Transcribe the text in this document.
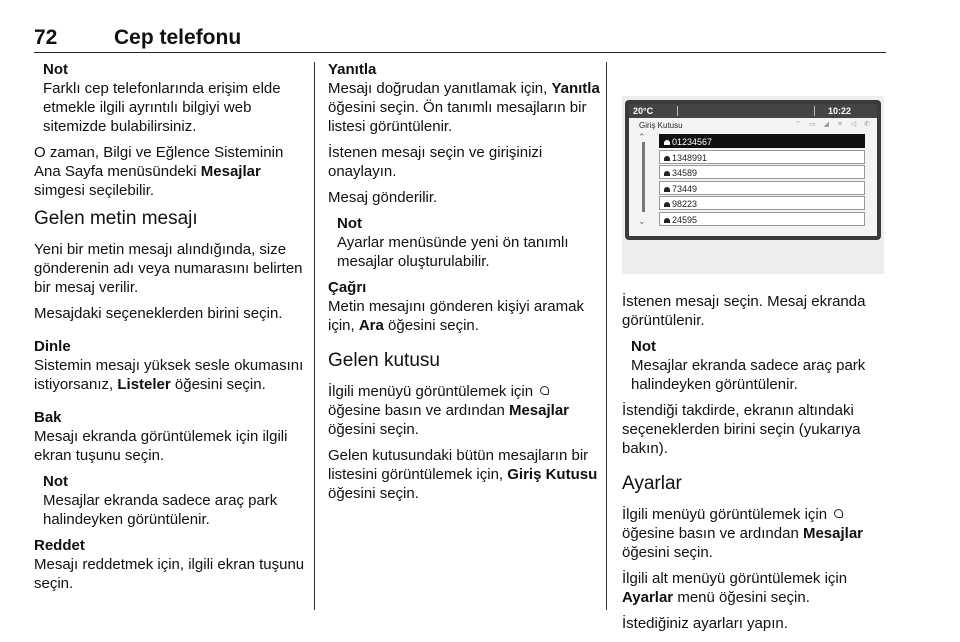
72	Cep telefonu
Not
Farklı cep telefonlarında erişim elde etmekle ilgili ayrıntılı bilgiyi web sitemizde bulabilirsiniz.

O zaman, Bilgi ve Eğlence Sisteminin Ana Sayfa menüsündeki Mesajlar simgesi seçilebilir.

Gelen metin mesajı

Yeni bir metin mesajı alındığında, size gönderenin adı veya numarasını belirten bir mesaj verilir.

Mesajdaki seçeneklerden birini seçin.

Dinle
Sistemin mesajı yüksek sesle okumasını istiyorsanız, Listeler öğesini seçin.

Bak
Mesajı ekranda görüntülemek için ilgili ekran tuşunu seçin.

Not
Mesajlar ekranda sadece araç park halindeyken görüntülenir.

Reddet
Mesajı reddetmek için, ilgili ekran tuşunu seçin.

Yanıtla
Mesajı doğrudan yanıtlamak için, Yanıtla öğesini seçin. Ön tanımlı mesajların bir listesi görüntülenir.

İstenen mesajı seçin ve girişinizi onaylayın.

Mesaj gönderilir.

Not
Ayarlar menüsünde yeni ön tanımlı mesajlar oluşturulabilir.

Çağrı
Metin mesajını gönderen kişiyi aramak için, Ara öğesini seçin.

Gelen kutusu

İlgili menüyü görüntülemek için  öğesine basın ve ardından Mesajlar öğesini seçin.

Gelen kutusundaki bütün mesajların bir listesini görüntülemek için, Giriş Kutusu öğesini seçin.

20°C	10:22
Giriş Kutusu	⌔ ▭ ◢ ✕ ◁ ✆
⌃
⌄
01234567
1348991
34589
73449
98223
24595

İstenen mesajı seçin. Mesaj ekranda görüntülenir.

Not
Mesajlar ekranda sadece araç park halindeyken görüntülenir.

İstendiği takdirde, ekranın altındaki seçeneklerden birini seçin (yukarıya bakın).

Ayarlar

İlgili menüyü görüntülemek için  öğesine basın ve ardından Mesajlar öğesini seçin.

İlgili alt menüyü görüntülemek için Ayarlar menü öğesini seçin.

İstediğiniz ayarları yapın.
